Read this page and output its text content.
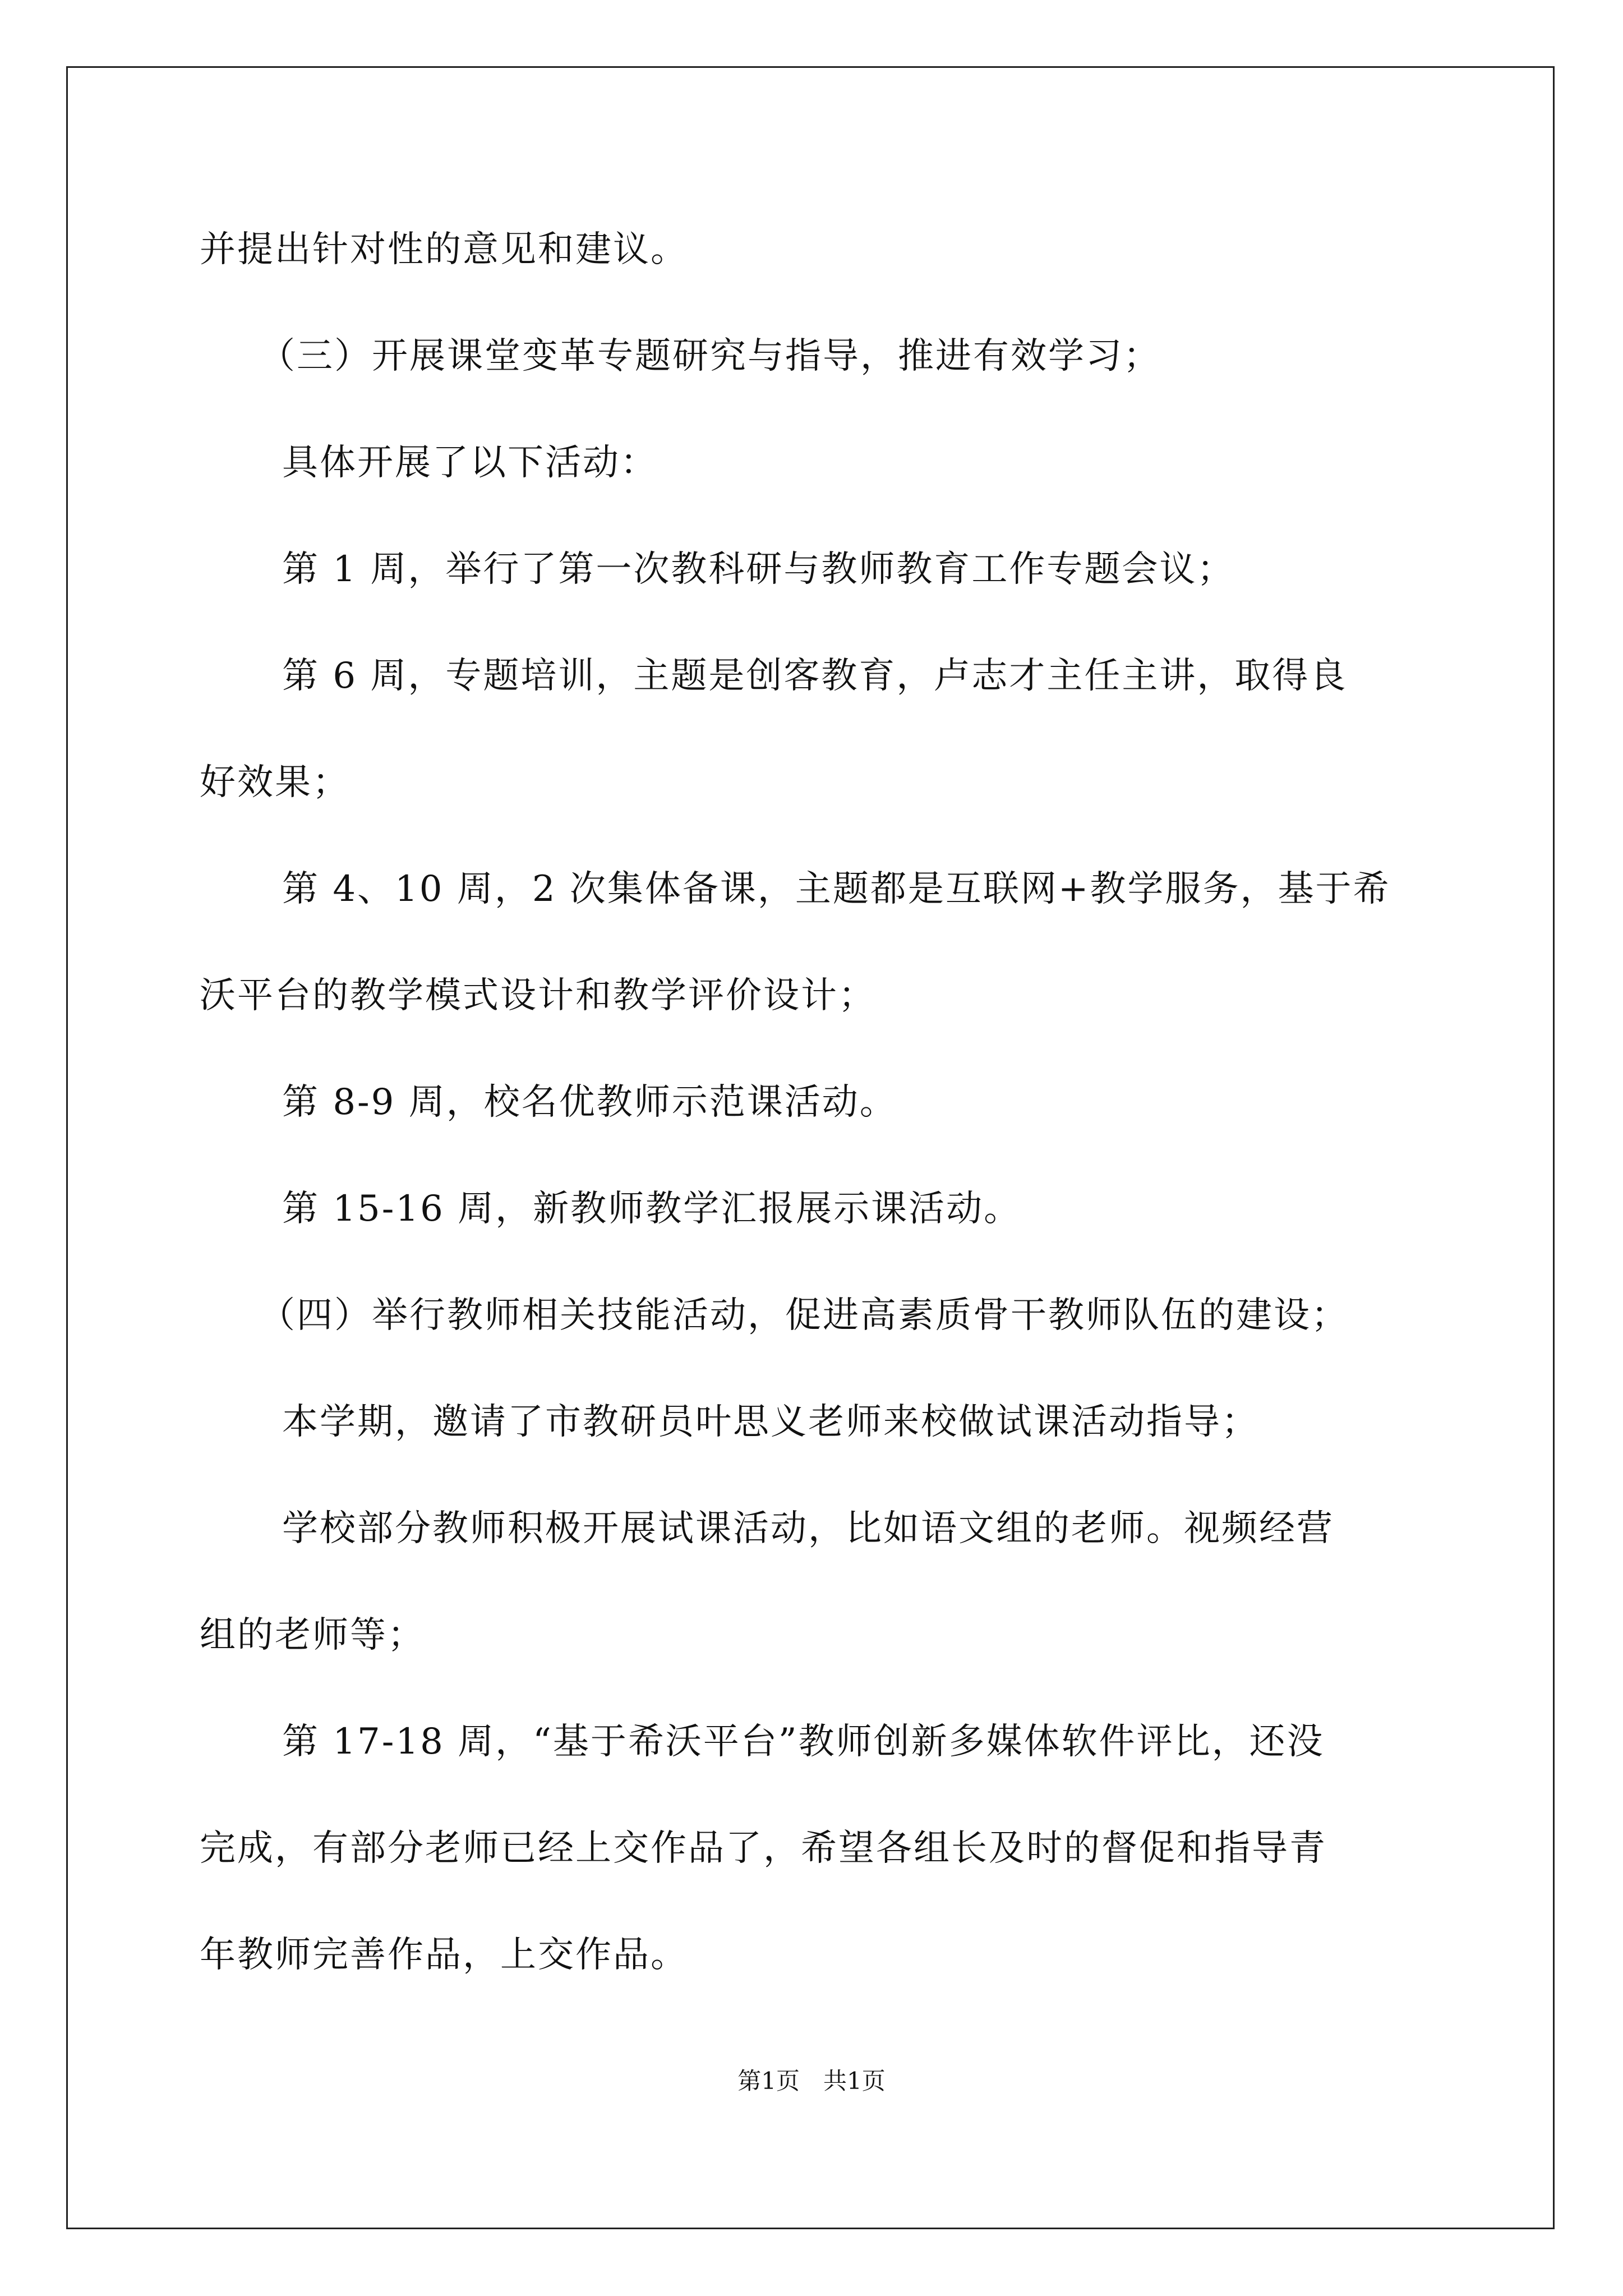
并提出针对性的意见和建议。
（三）开展课堂变革专题研究与指导，推进有效学习；
具体开展了以下活动：
第 1 周，举行了第一次教科研与教师教育工作专题会议；
第 6 周，专题培训，主题是创客教育，卢志才主任主讲，取得良
好效果；
第 4、10 周，2 次集体备课，主题都是互联网+教学服务，基于希
沃平台的教学模式设计和教学评价设计；
第 8-9 周，校名优教师示范课活动。
第 15-16 周，新教师教学汇报展示课活动。
（四）举行教师相关技能活动，促进高素质骨干教师队伍的建设；
本学期，邀请了市教研员叶思义老师来校做试课活动指导；
学校部分教师积极开展试课活动，比如语文组的老师。视频经营
组的老师等；
第 17-18 周，“基于希沃平台”教师创新多媒体软件评比，还没
完成，有部分老师已经上交作品了，希望各组长及时的督促和指导青
年教师完善作品，上交作品。
第1页 共1页
